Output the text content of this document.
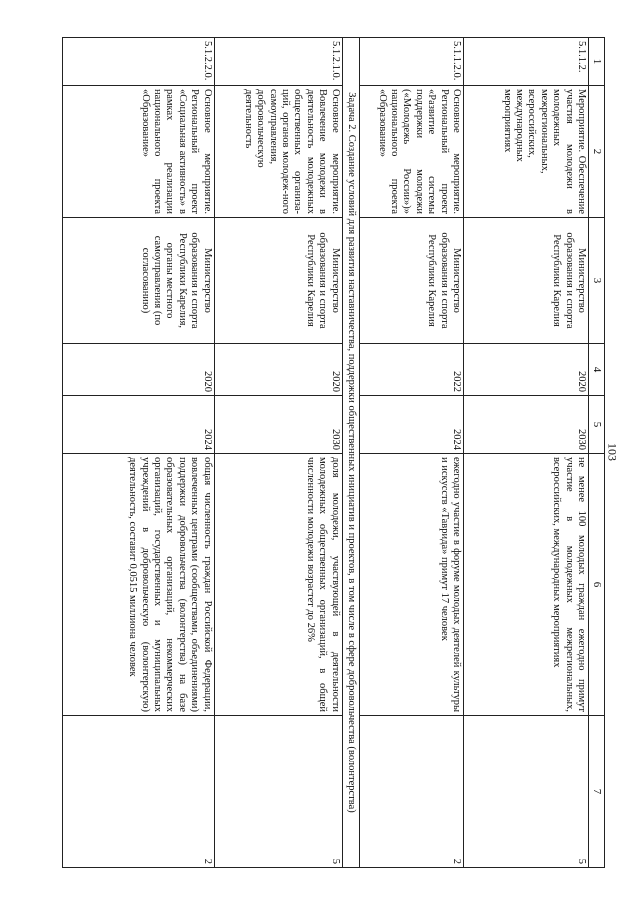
103
1	2	3	4	5	6	7
5.1.1.2.	Мероприятие. Обеспечение участия молодежи в молодежных межрегиональных, всероссийских, международных мероприятиях	Министерство образования и спорта Республики Карелия	2020	2030	не менее 100 молодых граждан ежегодно примут участие в молодежных межрегиональных, всероссийских, международных мероприятиях	5
5.1.1.2.0.	Основное мероприятие. Региональный проект «Развитие системы поддержки молодежи («Молодежь России»)» национального проекта «Образование»	Министерство образования и спорта Республики Карелия	2022	2024	ежегодно участие в форуме молодых деятелей культуры и искусств «Таврида» примут 17 человек	2
Задача 2. Создание условий для развития наставничества, поддержки общественных инициатив и проектов, в том числе в сфере добровольчества (волонтерства)						
5.1.2.1.0.	Основное мероприятие. Вовлечение молодежи в деятельность молодежных общественных организа-ций, органов молодеж-ного самоуправления, добровольческую деятельность	Министерство образования и спорта Республики Карелия	2020	2030	доля молодежи, участвующей в деятельности молодежных общественных организаций, в общей численности молодежи возрастет до 26%	5
5.1.2.2.0.	Основное мероприятие. Региональный проект «Социальная активность» в рамках реализации национального проекта «Образование»	Министерство образования и спорта Республики Карелия, органы местного самоуправления (по согласованию)	2020	2024	общая численность граждан Российской Федерации, вовлеченных центрами (сообществами, объединениями) поддержки добровольчества (волонтерства) на базе образовательных организаций, некоммерческих организаций, государственных и муниципальных учреждений в добровольческую (волонтерскую) деятельность, составит 0,0515 миллиона человек	2
